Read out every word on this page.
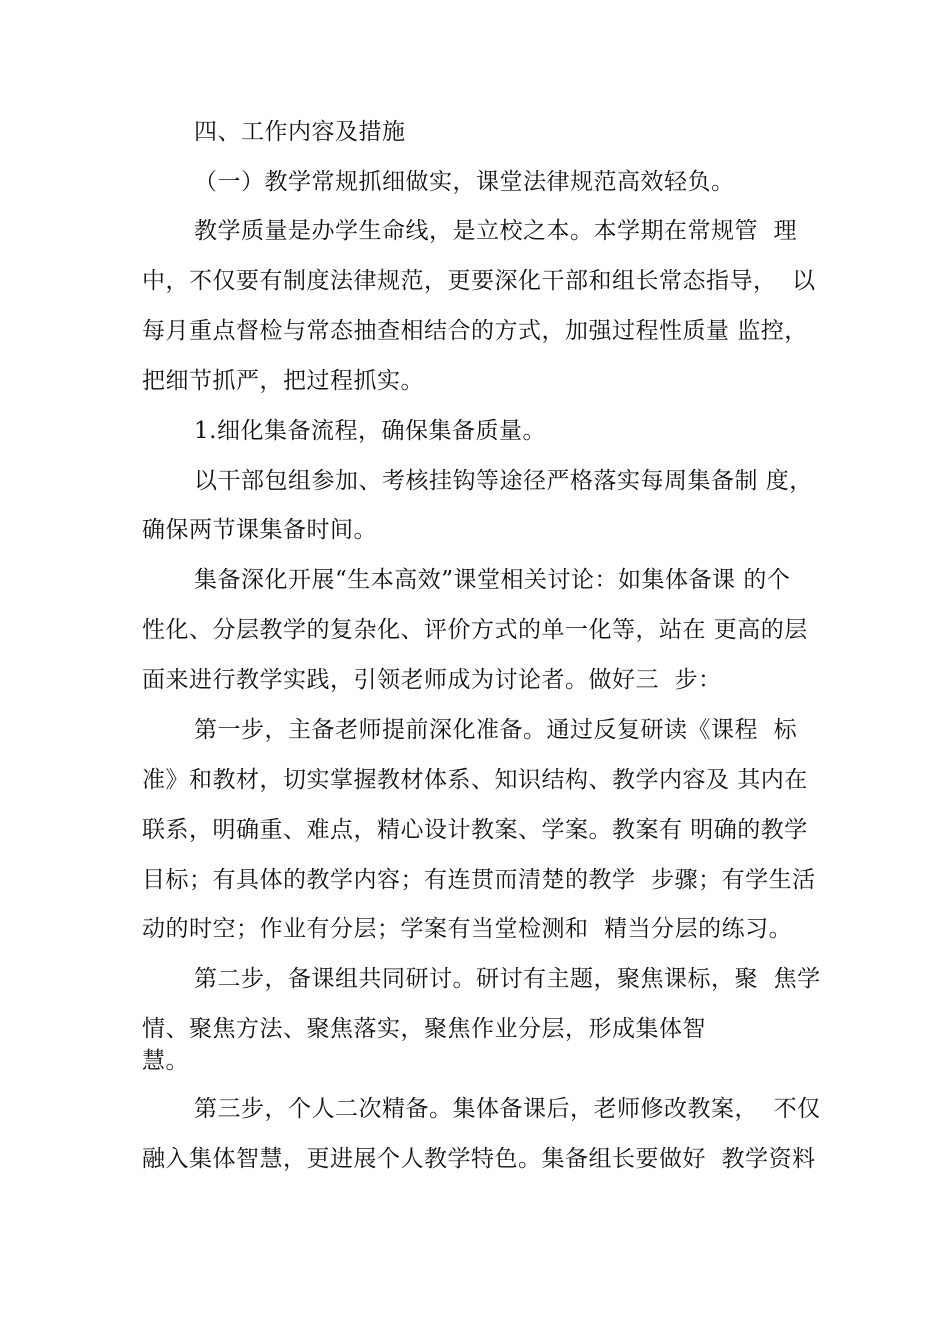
四、工作内容及措施
（一）教学常规抓细做实，课堂法律规范高效轻负。
教学质量是办学生命线，是立校之本。本学期在常规管  理
中，不仅要有制度法律规范，更要深化干部和组长常态指导，  以
每月重点督检与常态抽查相结合的方式，加强过程性质量 监控，
把细节抓严，把过程抓实。
1.细化集备流程，确保集备质量。
以干部包组参加、考核挂钩等途径严格落实每周集备制 度，
确保两节课集备时间。
集备深化开展“生本高效”课堂相关讨论：如集体备课 的个
性化、分层教学的复杂化、评价方式的单一化等，站在 更高的层
面来进行教学实践，引领老师成为讨论者。做好三  步：
第一步，主备老师提前深化准备。通过反复研读《课程  标
准》和教材，切实掌握教材体系、知识结构、教学内容及 其内在
联系，明确重、难点，精心设计教案、学案。教案有 明确的教学
目标；有具体的教学内容；有连贯而清楚的教学  步骤；有学生活
动的时空；作业有分层；学案有当堂检测和  精当分层的练习。
第二步，备课组共同研讨。研讨有主题，聚焦课标，聚  焦学
情、聚焦方法、聚焦落实，聚焦作业分层，形成集体智
慧。
第三步，个人二次精备。集体备课后，老师修改教案，  不仅
融入集体智慧，更进展个人教学特色。集备组长要做好  教学资料
